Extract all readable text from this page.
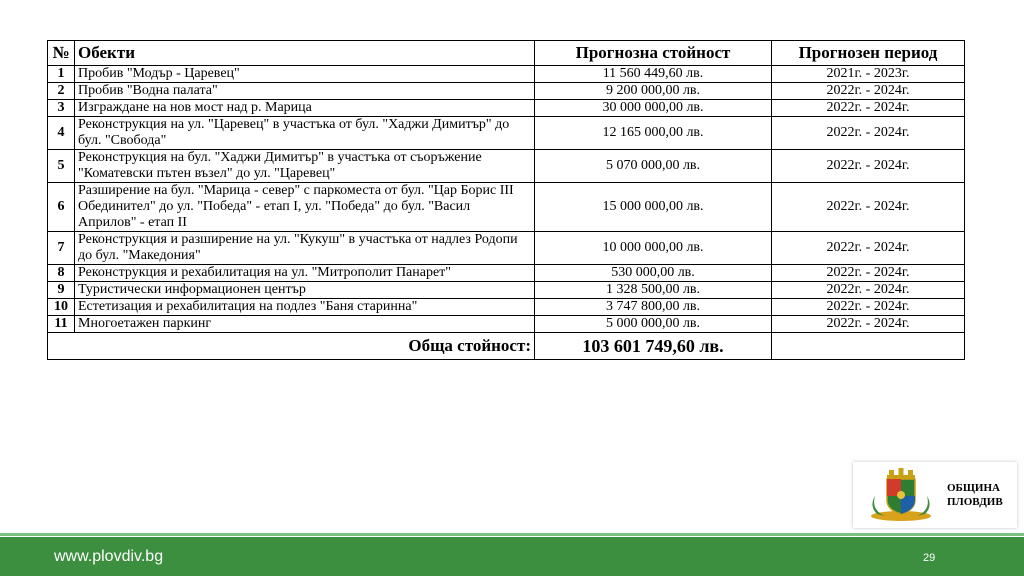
№	Обекти	Прогнозна стойност	Прогнозен период
1	Пробив "Модър - Царевец"	11 560 449,60 лв.	2021г. - 2023г.
2	Пробив "Водна палата"	9 200 000,00 лв.	2022г. - 2024г.
3	Изграждане на нов мост над р. Марица	30 000 000,00 лв.	2022г. - 2024г.
4	Реконструкция на ул. "Царевец" в участъка от бул. "Хаджи Димитър" до бул. "Свобода"	12 165 000,00 лв.	2022г. - 2024г.
5	Реконструкция на бул. "Хаджи Димитър" в участъка от съоръжение "Коматевски пътен възел" до ул. "Царевец"	5 070 000,00 лв.	2022г. - 2024г.
6	Разширение на бул. "Марица - север" с паркоместа от бул. "Цар Борис III Обединител" до ул. "Победа" - етап I, ул. "Победа" до бул. "Васил Априлов" - етап II	15 000 000,00 лв.	2022г. - 2024г.
7	Реконструкция и разширение на ул. "Кукуш" в участъка от надлез Родопи до бул. "Македония"	10 000 000,00 лв.	2022г. - 2024г.
8	Реконструкция и рехабилитация на ул. "Митрополит Панарет"	530 000,00 лв.	2022г. - 2024г.
9	Туристически информационен център	1 328 500,00 лв.	2022г. - 2024г.
10	Естетизация и рехабилитация на подлез "Баня старинна"	3 747 800,00 лв.	2022г. - 2024г.
11	Многоетажен паркинг	5 000 000,00 лв.	2022г. - 2024г.
Обща стойност:		103 601 749,60 лв.	
ОБЩИНА
ПЛОВДИВ
www.plovdiv.bg	29
